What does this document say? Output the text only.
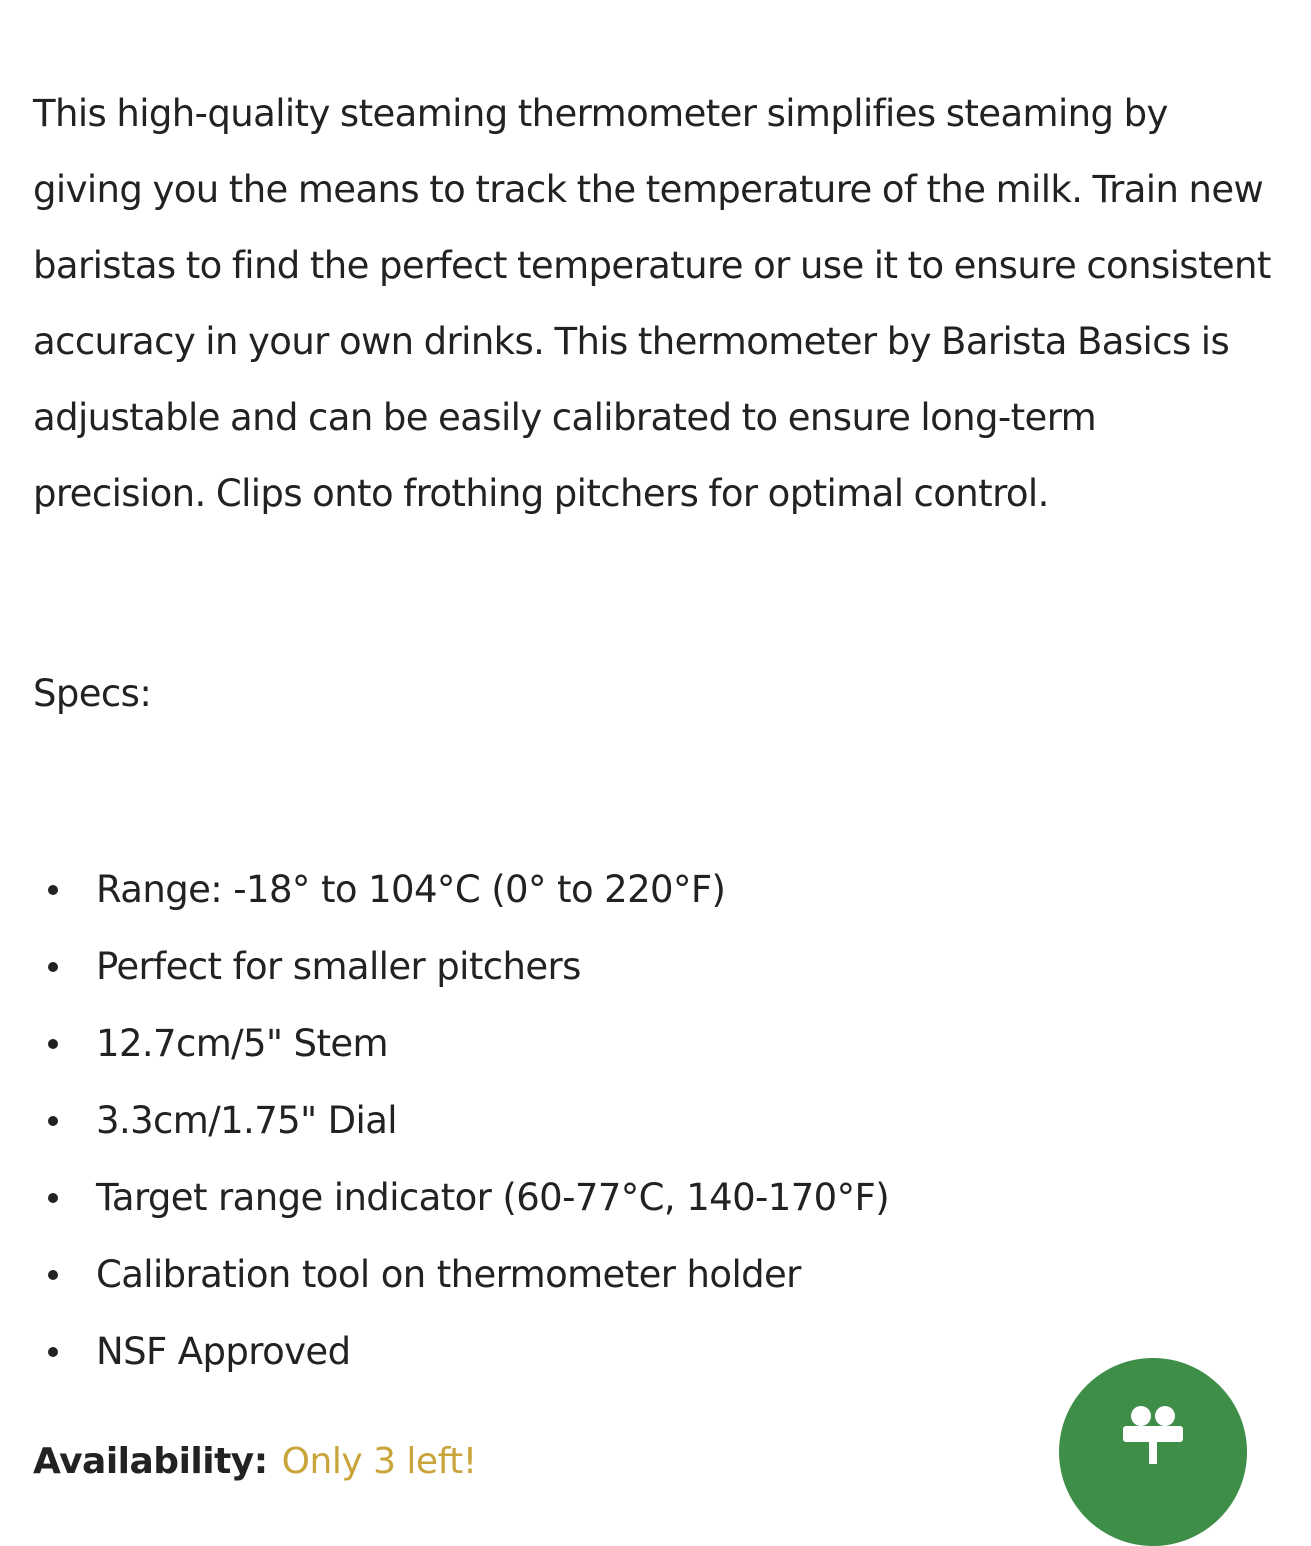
This high-quality steaming thermometer simplifies steaming by giving you the means to track the temperature of the milk. Train new baristas to find the perfect temperature or use it to ensure consistent accuracy in your own drinks. This thermometer by Barista Basics is adjustable and can be easily calibrated to ensure long-term precision. Clips onto frothing pitchers for optimal control.

Specs:
Range: -18° to 104°C (0° to 220°F)
Perfect for smaller pitchers
12.7cm/5" Stem
3.3cm/1.75" Dial
Target range indicator (60-77°C, 140-170°F)
Calibration tool on thermometer holder
NSF Approved
Availability: Only 3 left!
